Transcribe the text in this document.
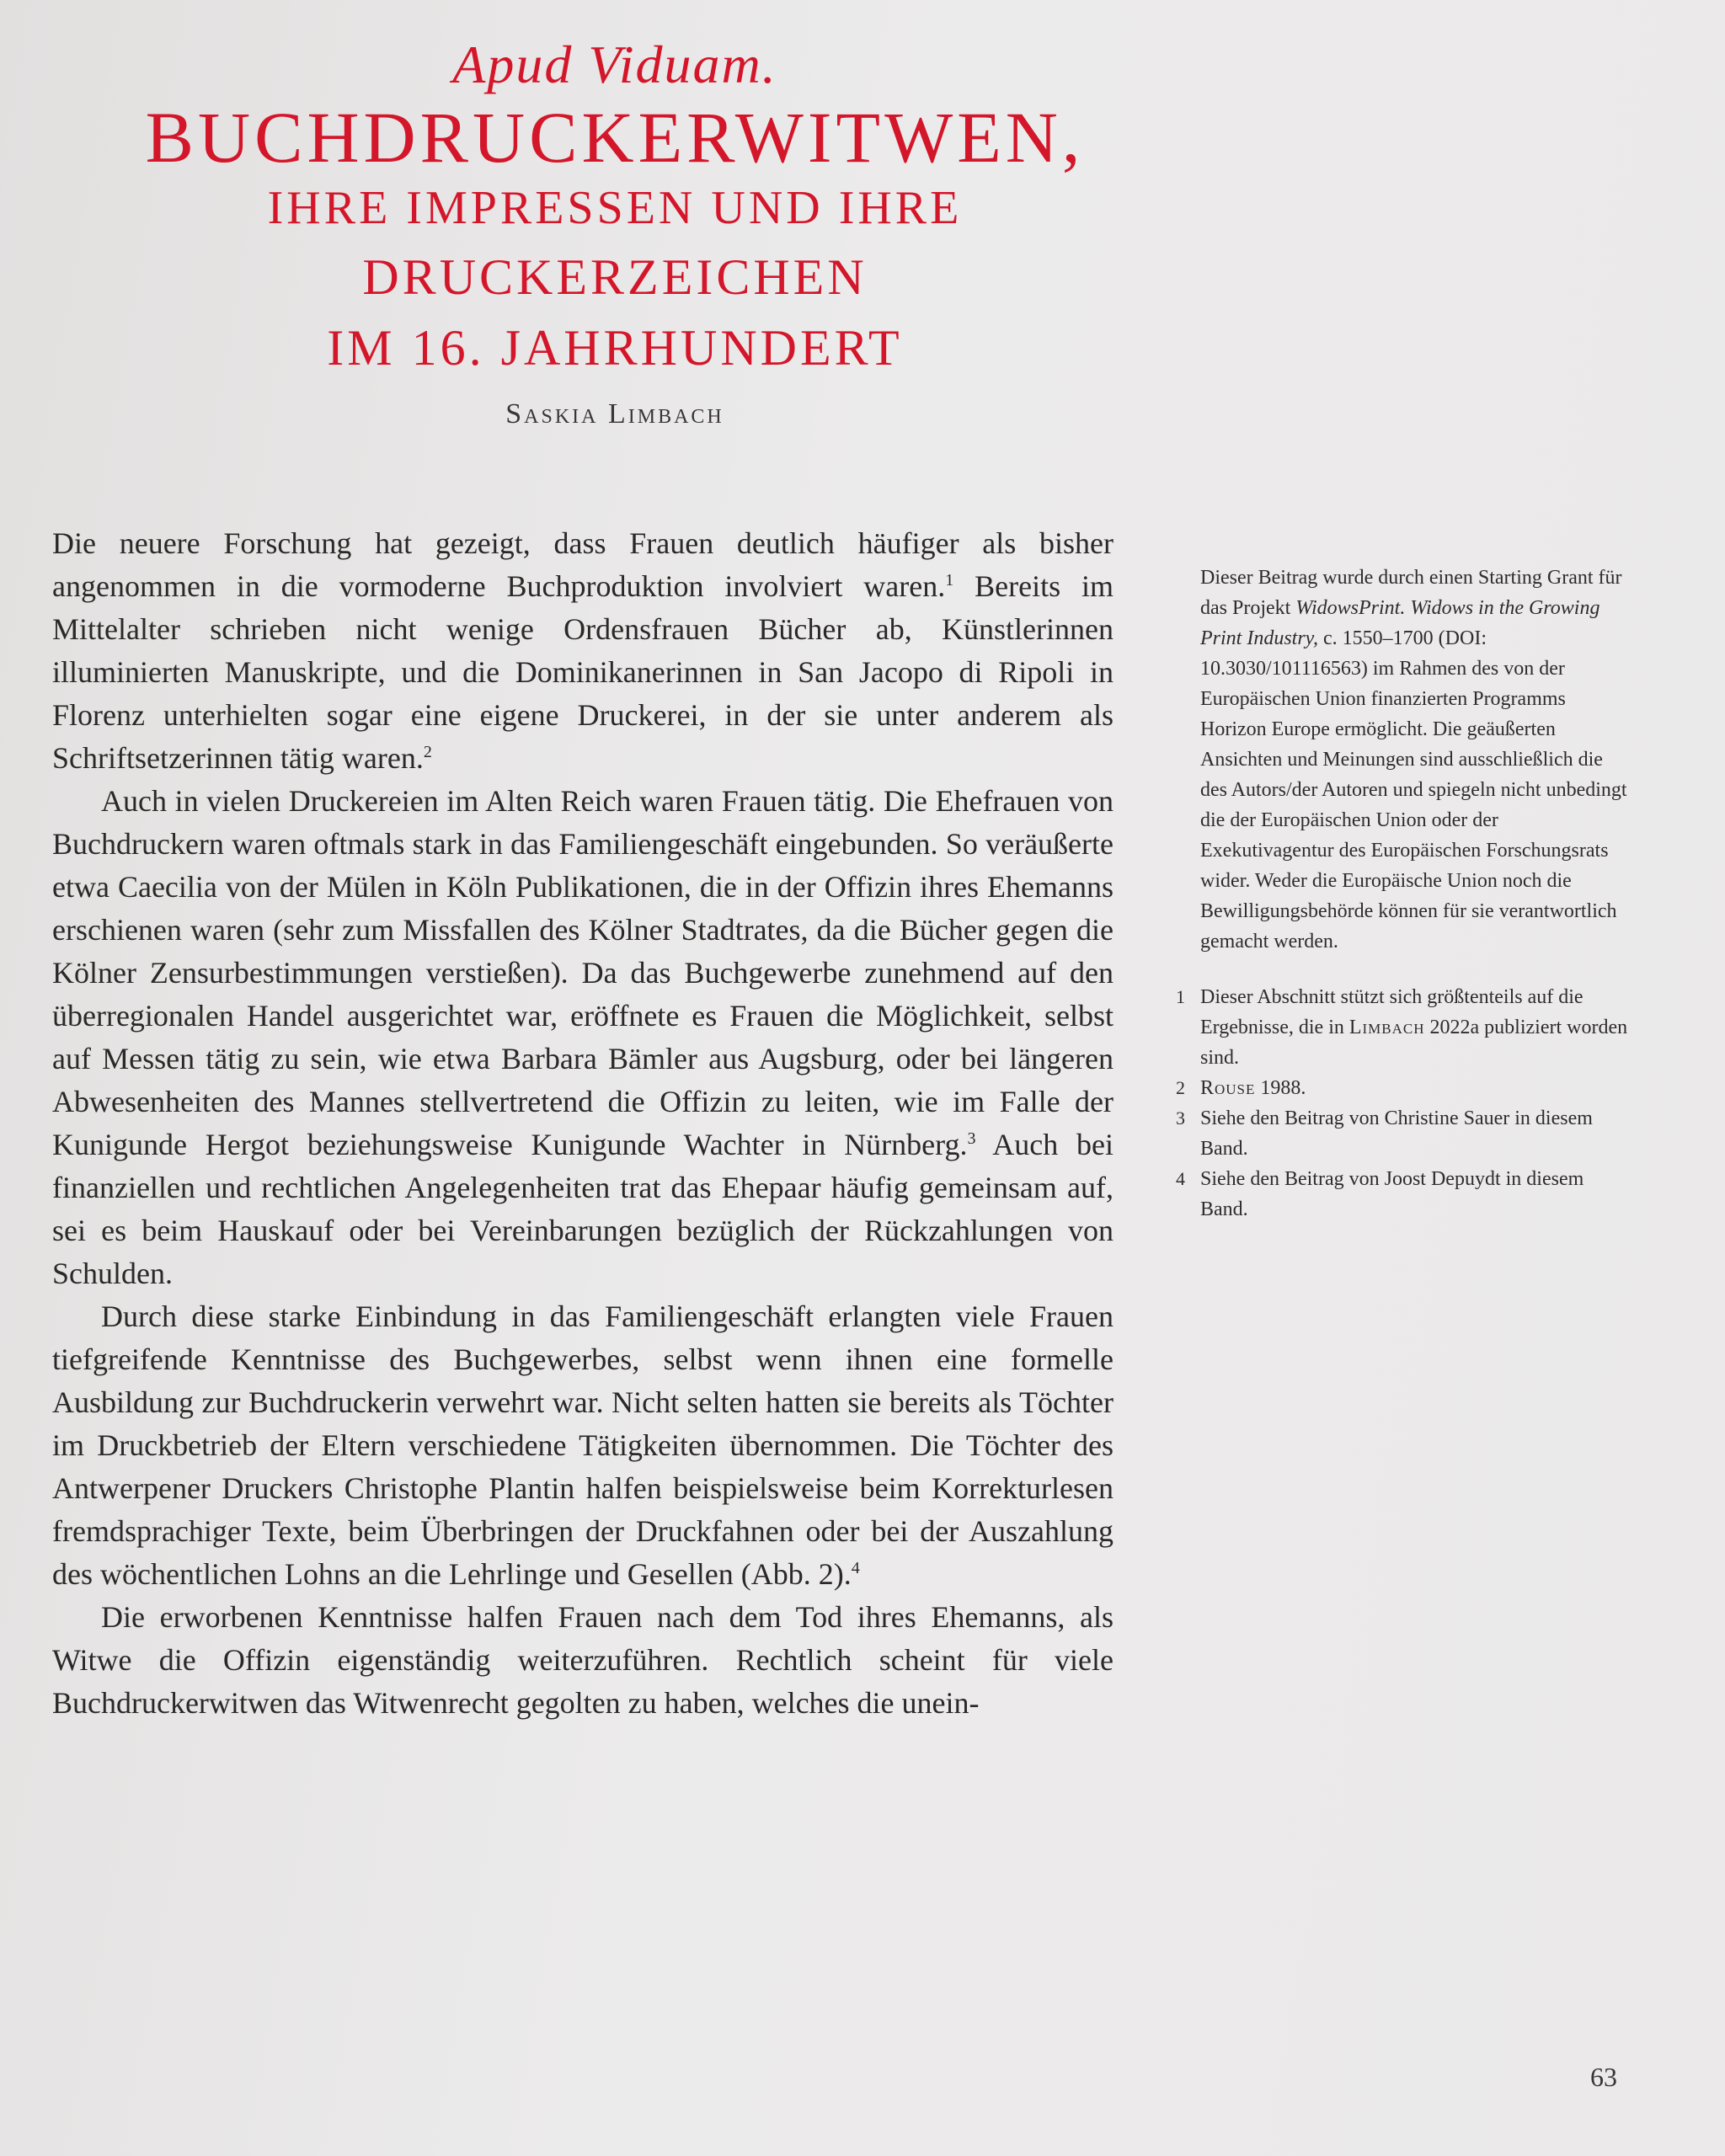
Apud Viduam.

BUCHDRUCKERWITWEN,

IHRE IMPRESSEN UND IHRE
DRUCKERZEICHEN
IM 16. JAHRHUNDERT

Saskia Limbach

Die neuere Forschung hat gezeigt, dass Frauen deutlich häufiger als bisher angenommen in die vormoderne Buchproduktion involviert waren.$^1$ Bereits im Mittelalter schrieben nicht wenige Ordensfrauen Bücher ab, Künstlerinnen illuminierten Manuskripte, und die Dominikanerinnen in San Jacopo di Ripoli in Florenz unterhielten sogar eine eigene Druckerei, in der sie unter anderem als Schriftsetzerinnen tätig waren.$^2$

Auch in vielen Druckereien im Alten Reich waren Frauen tätig. Die Ehefrauen von Buchdruckern waren oftmals stark in das Familiengeschäft eingebunden. So veräußerte etwa Caecilia von der Mülen in Köln Publikationen, die in der Offizin ihres Ehemanns erschienen waren (sehr zum Missfallen des Kölner Stadtrates, da die Bücher gegen die Kölner Zensurbestimmungen verstießen). Da das Buchgewerbe zunehmend auf den überregionalen Handel ausgerichtet war, eröffnete es Frauen die Möglichkeit, selbst auf Messen tätig zu sein, wie etwa Barbara Bämler aus Augsburg, oder bei längeren Abwesenheiten des Mannes stellvertretend die Offizin zu leiten, wie im Falle der Kunigunde Hergot beziehungsweise Kunigunde Wachter in Nürnberg.$^3$ Auch bei finanziellen und rechtlichen Angelegenheiten trat das Ehepaar häufig gemeinsam auf, sei es beim Hauskauf oder bei Vereinbarungen bezüglich der Rückzahlungen von Schulden.

Durch diese starke Einbindung in das Familiengeschäft erlangten viele Frauen tiefgreifende Kenntnisse des Buchgewerbes, selbst wenn ihnen eine formelle Ausbildung zur Buchdruckerin verwehrt war. Nicht selten hatten sie bereits als Töchter im Druckbetrieb der Eltern verschiedene Tätigkeiten übernommen. Die Töchter des Antwerpener Druckers Christophe Plantin halfen beispielsweise beim Korrekturlesen fremdsprachiger Texte, beim Überbringen der Druckfahnen oder bei der Auszahlung des wöchentlichen Lohns an die Lehrlinge und Gesellen (Abb. 2).$^4$

Die erworbenen Kenntnisse halfen Frauen nach dem Tod ihres Ehemanns, als Witwe die Offizin eigenständig weiterzuführen. Rechtlich scheint für viele Buchdruckerwitwen das Witwenrecht gegolten zu haben, welches die unein-

Dieser Beitrag wurde durch einen Starting Grant für das Projekt WidowsPrint. Widows in the Growing Print Industry, c. 1550–1700 (DOI: 10.3030/101116563) im Rahmen des von der Europäischen Union finanzierten Programms Horizon Europe ermöglicht. Die geäußerten Ansichten und Meinungen sind ausschließlich die des Autors/der Autoren und spiegeln nicht unbedingt die der Europäischen Union oder der Exekutivagentur des Europäischen Forschungsrats wider. Weder die Europäische Union noch die Bewilligungsbehörde können für sie verantwortlich gemacht werden.

1 Dieser Abschnitt stützt sich größtenteils auf die Ergebnisse, die in Limbach 2022a publiziert worden sind.
2 Rouse 1988.
3 Siehe den Beitrag von Christine Sauer in diesem Band.
4 Siehe den Beitrag von Joost Depuydt in diesem Band.
63
